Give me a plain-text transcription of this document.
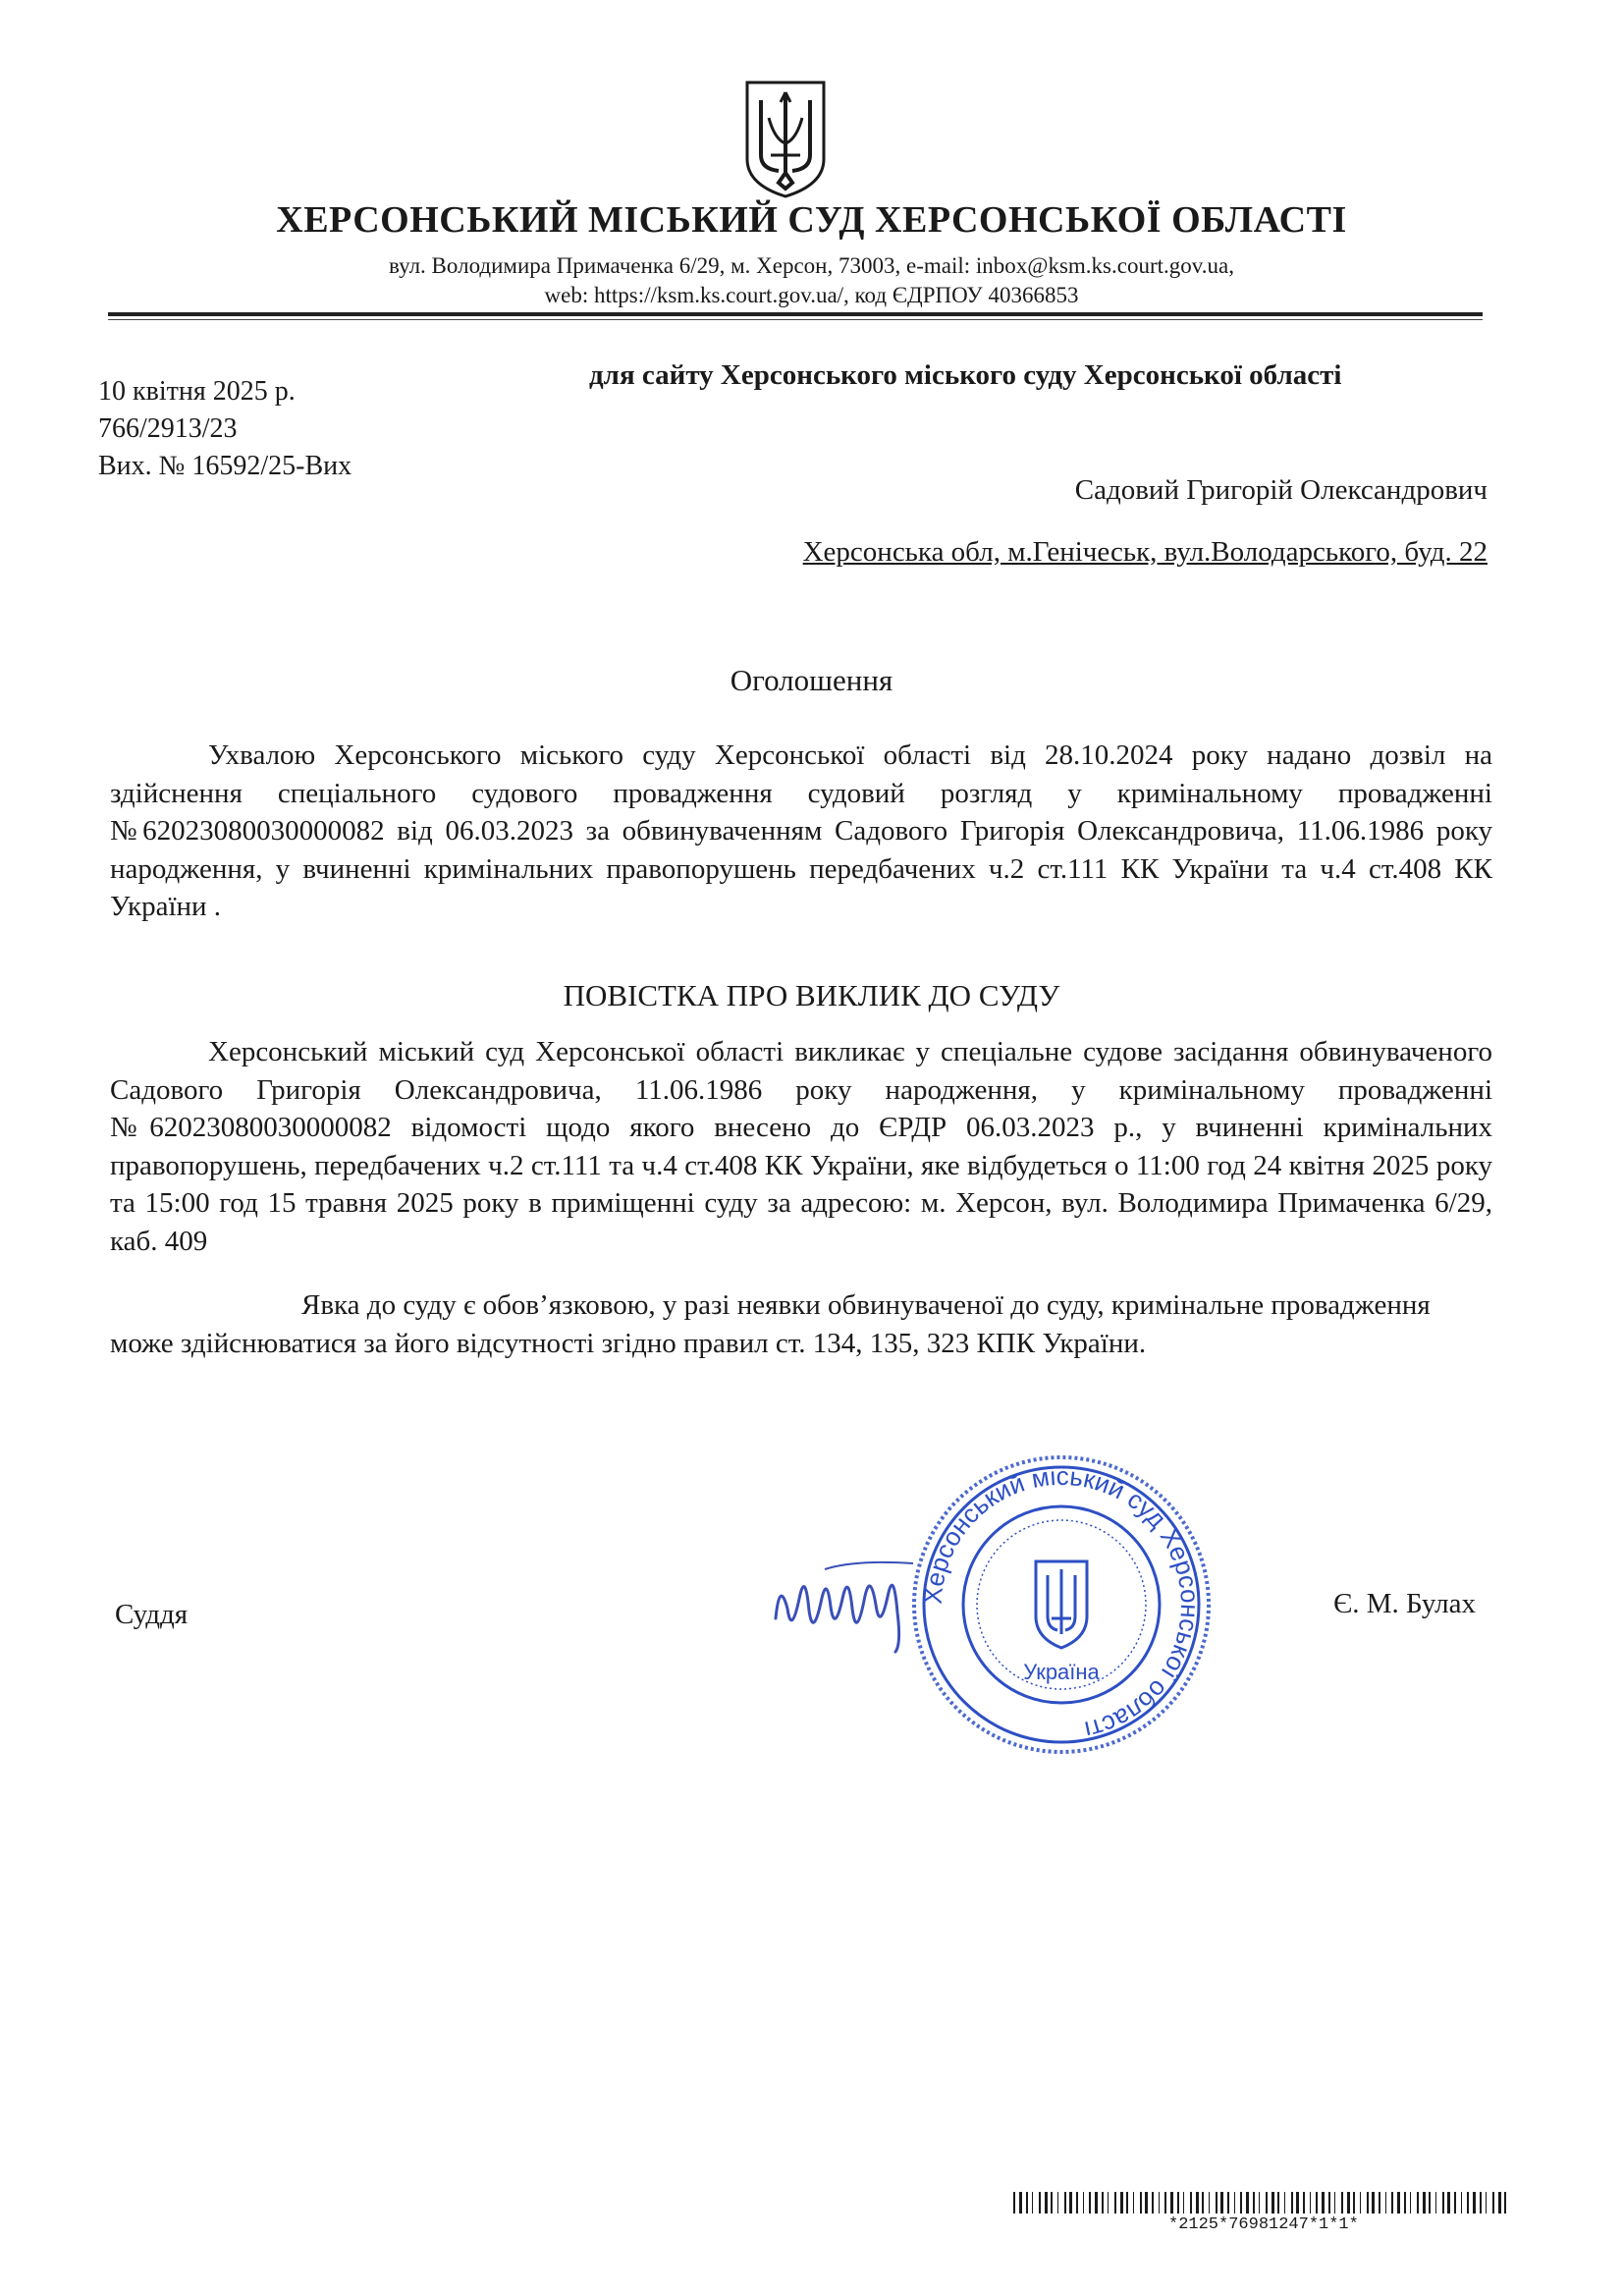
ХЕРСОНСЬКИЙ МІСЬКИЙ СУД ХЕРСОНСЬКОЇ ОБЛАСТІ
вул. Володимира Примаченка 6/29, м. Херсон, 73003, e-mail: inbox@ksm.ks.court.gov.ua,
web: https://ksm.ks.court.gov.ua/, код ЄДРПОУ 40366853
10 квітня 2025 р.
766/2913/23
Вих. № 16592/25-Вих
для сайту Херсонського міського суду Херсонської області
Садовий Григорій Олександрович
Херсонська обл, м.Генічеськ, вул.Володарського, буд. 22
Оголошення
Ухвалою Херсонського міського суду Херсонської області від 28.10.2024 року надано дозвіл на здійснення спеціального судового провадження судовий розгляд у кримінальному провадженні №62023080030000082 від 06.03.2023 за обвинуваченням Садового Григорія Олександровича, 11.06.1986 року народження, у вчиненні кримінальних правопорушень передбачених ч.2 ст.111 КК України та ч.4 ст.408 КК України .
ПОВІСТКА ПРО ВИКЛИК ДО СУДУ
Херсонський міський суд Херсонської області викликає у спеціальне судове засідання обвинуваченого Садового Григорія Олександровича, 11.06.1986 року народження, у кримінальному провадженні №62023080030000082 відомості щодо якого внесено до ЄРДР 06.03.2023 р., у вчиненні кримінальних правопорушень, передбачених ч.2 ст.111 та ч.4 ст.408 КК України, яке відбудеться о 11:00 год 24 квітня 2025 року та 15:00 год 15 травня 2025 року в приміщенні суду за адресою: м. Херсон, вул. Володимира Примаченка 6/29, каб. 409
Явка до суду є обов’язковою, у разі неявки обвинуваченої до суду, кримінальне провадження може здійснюватися за його відсутності згідно правил ст. 134, 135, 323 КПК України.
Суддя	Є. М. Булах
Херсонський міський суд Херсонської області
Україна
*2125*76981247*1*1*
